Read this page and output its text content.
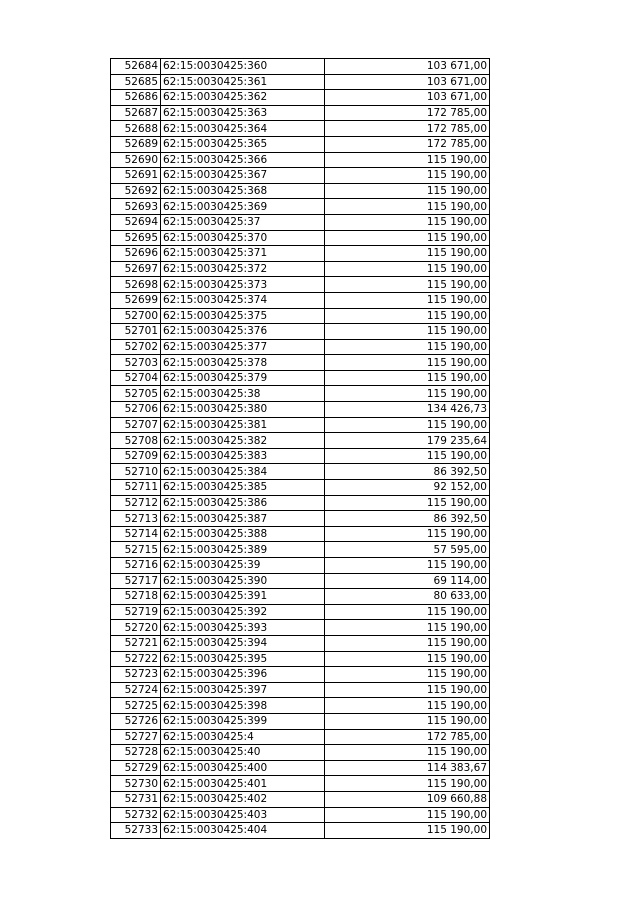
52684	62:15:0030425:360	103 671,00
52685	62:15:0030425:361	103 671,00
52686	62:15:0030425:362	103 671,00
52687	62:15:0030425:363	172 785,00
52688	62:15:0030425:364	172 785,00
52689	62:15:0030425:365	172 785,00
52690	62:15:0030425:366	115 190,00
52691	62:15:0030425:367	115 190,00
52692	62:15:0030425:368	115 190,00
52693	62:15:0030425:369	115 190,00
52694	62:15:0030425:37	115 190,00
52695	62:15:0030425:370	115 190,00
52696	62:15:0030425:371	115 190,00
52697	62:15:0030425:372	115 190,00
52698	62:15:0030425:373	115 190,00
52699	62:15:0030425:374	115 190,00
52700	62:15:0030425:375	115 190,00
52701	62:15:0030425:376	115 190,00
52702	62:15:0030425:377	115 190,00
52703	62:15:0030425:378	115 190,00
52704	62:15:0030425:379	115 190,00
52705	62:15:0030425:38	115 190,00
52706	62:15:0030425:380	134 426,73
52707	62:15:0030425:381	115 190,00
52708	62:15:0030425:382	179 235,64
52709	62:15:0030425:383	115 190,00
52710	62:15:0030425:384	86 392,50
52711	62:15:0030425:385	92 152,00
52712	62:15:0030425:386	115 190,00
52713	62:15:0030425:387	86 392,50
52714	62:15:0030425:388	115 190,00
52715	62:15:0030425:389	57 595,00
52716	62:15:0030425:39	115 190,00
52717	62:15:0030425:390	69 114,00
52718	62:15:0030425:391	80 633,00
52719	62:15:0030425:392	115 190,00
52720	62:15:0030425:393	115 190,00
52721	62:15:0030425:394	115 190,00
52722	62:15:0030425:395	115 190,00
52723	62:15:0030425:396	115 190,00
52724	62:15:0030425:397	115 190,00
52725	62:15:0030425:398	115 190,00
52726	62:15:0030425:399	115 190,00
52727	62:15:0030425:4	172 785,00
52728	62:15:0030425:40	115 190,00
52729	62:15:0030425:400	114 383,67
52730	62:15:0030425:401	115 190,00
52731	62:15:0030425:402	109 660,88
52732	62:15:0030425:403	115 190,00
52733	62:15:0030425:404	115 190,00
